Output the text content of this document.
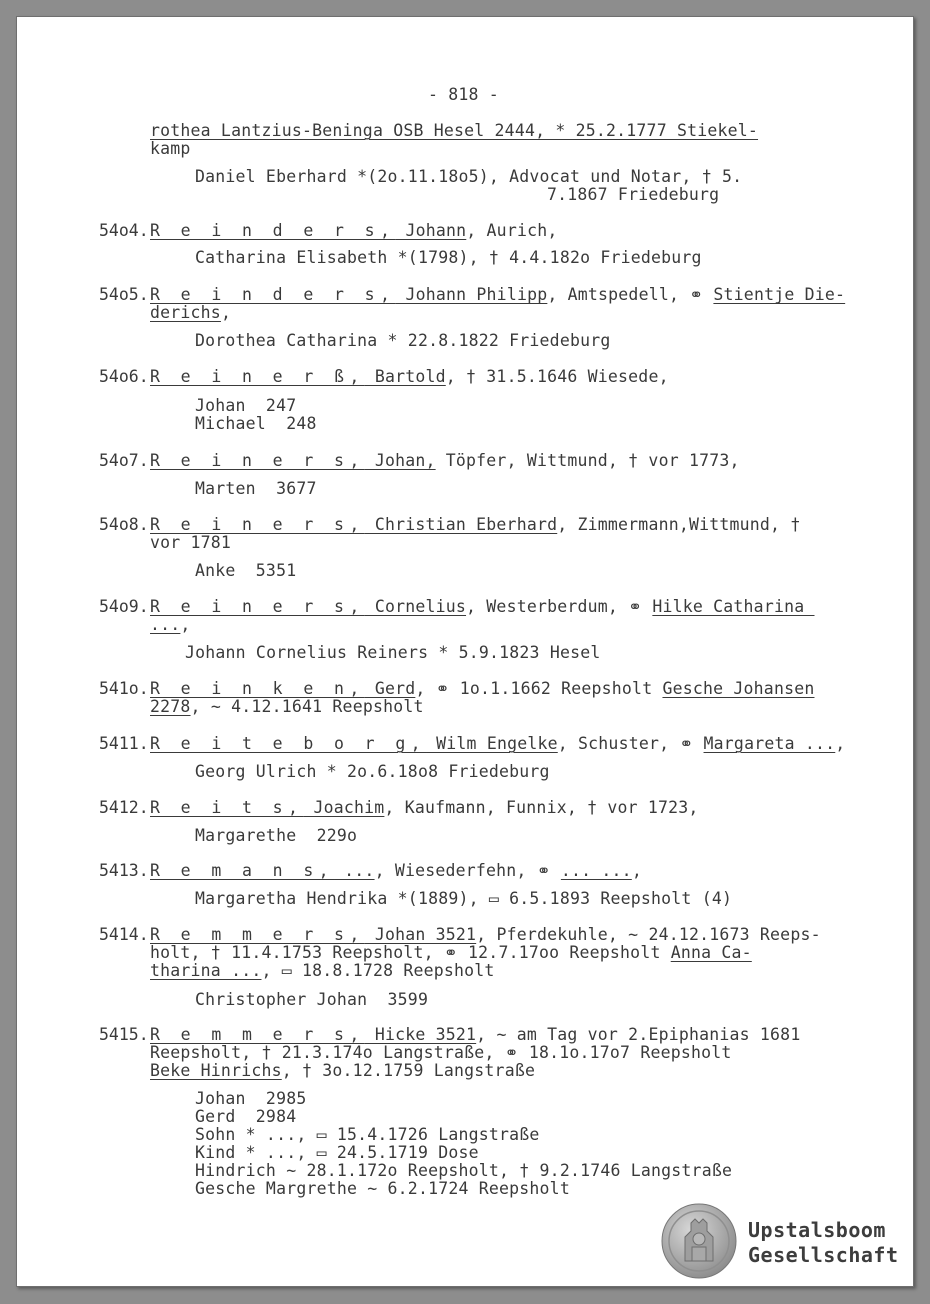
- 818 -
rothea Lantzius-Beninga OSB Hesel 2444, * 25.2.1777 Stiekel-
kamp
Daniel Eberhard *(2o.11.18o5), Advocat und Notar, † 5.
7.1867 Friedeburg
54o4. R e i n d e r s, Johann, Aurich,
Catharina Elisabeth *(1798), † 4.4.182o Friedeburg
54o5. R e i n d e r s, Johann Philipp, Amtspedell, ⚭ Stientje Die-
derichs,
Dorothea Catharina * 22.8.1822 Friedeburg
54o6. R e i n e r ß, Bartold, † 31.5.1646 Wiesede,
Johan  247
Michael  248
54o7. R e i n e r s, Johan, Töpfer, Wittmund, † vor 1773,
Marten  3677
54o8. R e i n e r s, Christian Eberhard, Zimmermann,Wittmund, †
vor 1781
Anke  5351
54o9. R e i n e r s, Cornelius, Westerberdum, ⚭ Hilke Catharina
...,
Johann Cornelius Reiners * 5.9.1823 Hesel
541o. R e i n k e n, Gerd, ⚭ 1o.1.1662 Reepsholt Gesche Johansen
2278, ~ 4.12.1641 Reepsholt
5411. R e i t e b o r g, Wilm Engelke, Schuster, ⚭ Margareta ...,
Georg Ulrich * 2o.6.18o8 Friedeburg
5412. R e i t s, Joachim, Kaufmann, Funnix, † vor 1723,
Margarethe  229o
5413. R e m a n s, ..., Wiesederfehn, ⚭ ... ...,
Margaretha Hendrika *(1889), ▭ 6.5.1893 Reepsholt (4)
5414. R e m m e r s, Johan 3521, Pferdekuhle, ~ 24.12.1673 Reeps-
holt, † 11.4.1753 Reepsholt, ⚭ 12.7.17oo Reepsholt Anna Ca-
tharina ..., ▭ 18.8.1728 Reepsholt
Christopher Johan  3599
5415. R e m m e r s, Hicke 3521, ~ am Tag vor 2.Epiphanias 1681
Reepsholt, † 21.3.174o Langstraße, ⚭ 18.1o.17o7 Reepsholt
Beke Hinrichs, † 3o.12.1759 Langstraße
Johan  2985
Gerd  2984
Sohn * ..., ▭ 15.4.1726 Langstraße
Kind * ..., ▭ 24.5.1719 Dose
Hindrich ~ 28.1.172o Reepsholt, † 9.2.1746 Langstraße
Gesche Margrethe ~ 6.2.1724 Reepsholt
Upstalsboom
Gesellschaft
